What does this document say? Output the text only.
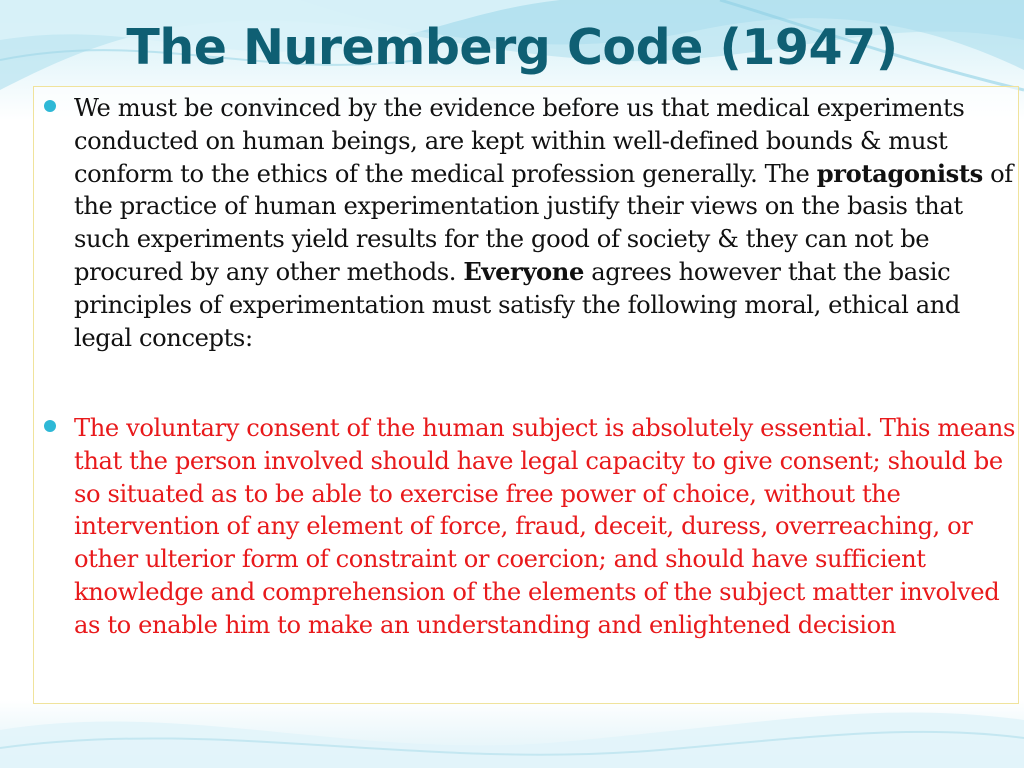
The Nuremberg Code (1947)
We must be convinced by the evidence before us that medical experiments conducted on human beings, are kept within well-defined bounds & must conform to the ethics of the medical profession generally. The protagonists of the practice of human experimentation justify their views on the basis that such experiments yield results for the good of society & they can not be procured by any other methods. Everyone agrees however that the basic principles of experimentation must satisfy the following moral, ethical and legal concepts:
The voluntary consent of the human subject is absolutely essential. This means that the person involved should have legal capacity to give consent; should be so situated as to be able to exercise free power of choice, without the intervention of any element of force, fraud, deceit, duress, overreaching, or other ulterior form of constraint or coercion; and should have sufficient knowledge and comprehension of the elements of the subject matter involved as to enable him to make an understanding and enlightened decision
